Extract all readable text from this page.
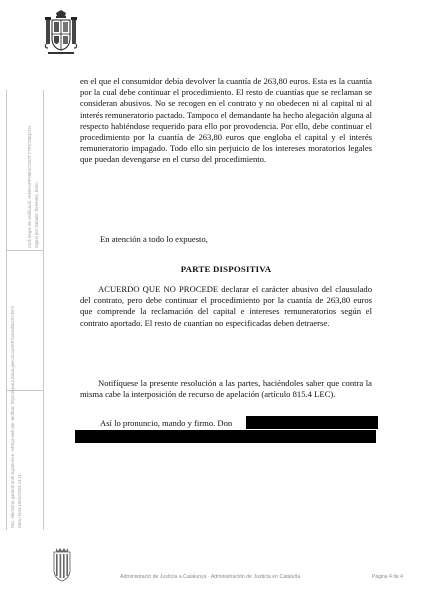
Doc. electrònic garantit amb signatura-e. Adreça web per verificar: https://ejcat.justicia.gencat.cat/IAP/consultaCSV.html Data i hora 10/01/2024 14:11
Codi Segur de Verificació: HHBANPFM8IXCGS2TYTPX7Z8QLTH Signat per Sabater Torrentes, Enric;

en el que el consumidor debía devolver la cuantía de 263,80 euros. Esta es la cuantía por la cual debe continuar el procedimiento. El resto de cuantías que se reclaman se consideran abusivos. No se recogen en el contrato y no obedecen ni al capital ni al interés remuneratorio pactado. Tampoco el demandante ha hecho alegación alguna al respecto habiéndose requerido para ello por provodencia. Por ello, debe continuar el procedimiento por la cuantía de 263,80 euros que engloba el capital y el interés remuneratorio impagado. Todo ello sin perjuicio de los intereses moratorios legales que puedan devengarse en el curso del procedimiento.

En atención a todo lo expuesto,

PARTE DISPOSITIVA

ACUERDO QUE NO PROCEDE declarar el carácter abusivo del clausulado del contrato, pero debe continuar el procedimiento por la cuantía de 263,80 euros que comprende la reclamación del capital e intereses remuneratorios según el contrato aportado. El resto de cuantían no especificadas deben detraerse.

Notifíquese la presente resolución a las partes, haciéndoles saber que contra la misma cabe la interposición de recurso de apelación (artículo 815.4 LEC).

Así lo pronuncio, mando y firmo. Don

Administració de Justícia a Catalunya · Administración de Justicia en Cataluña	Pàgina 4 de 4
